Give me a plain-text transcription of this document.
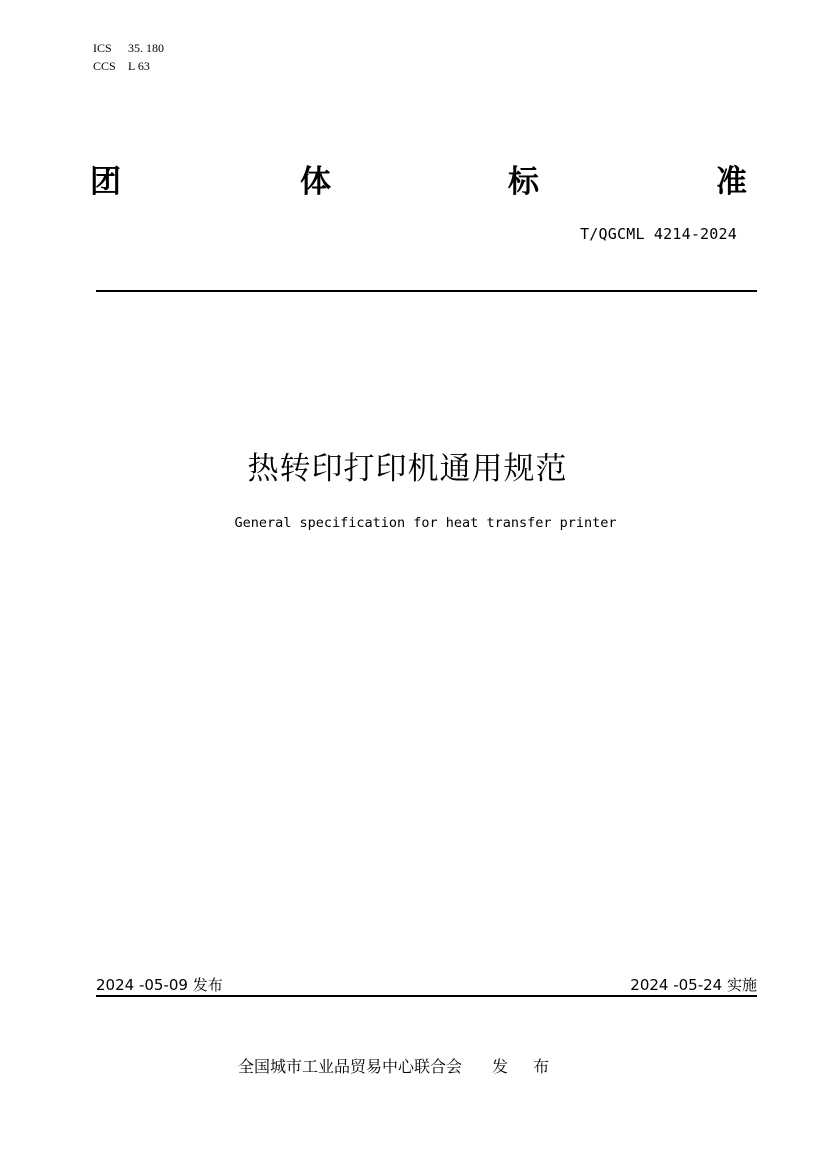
ICS 35. 180
CCS L 63
团	体	标	准
T/QGCML 4214-2024
热转印打印机通用规范
General specification for heat transfer printer
2024 -05-09 发布	2024 -05-24 实施
全国城市工业品贸易中心联合会 发 布
